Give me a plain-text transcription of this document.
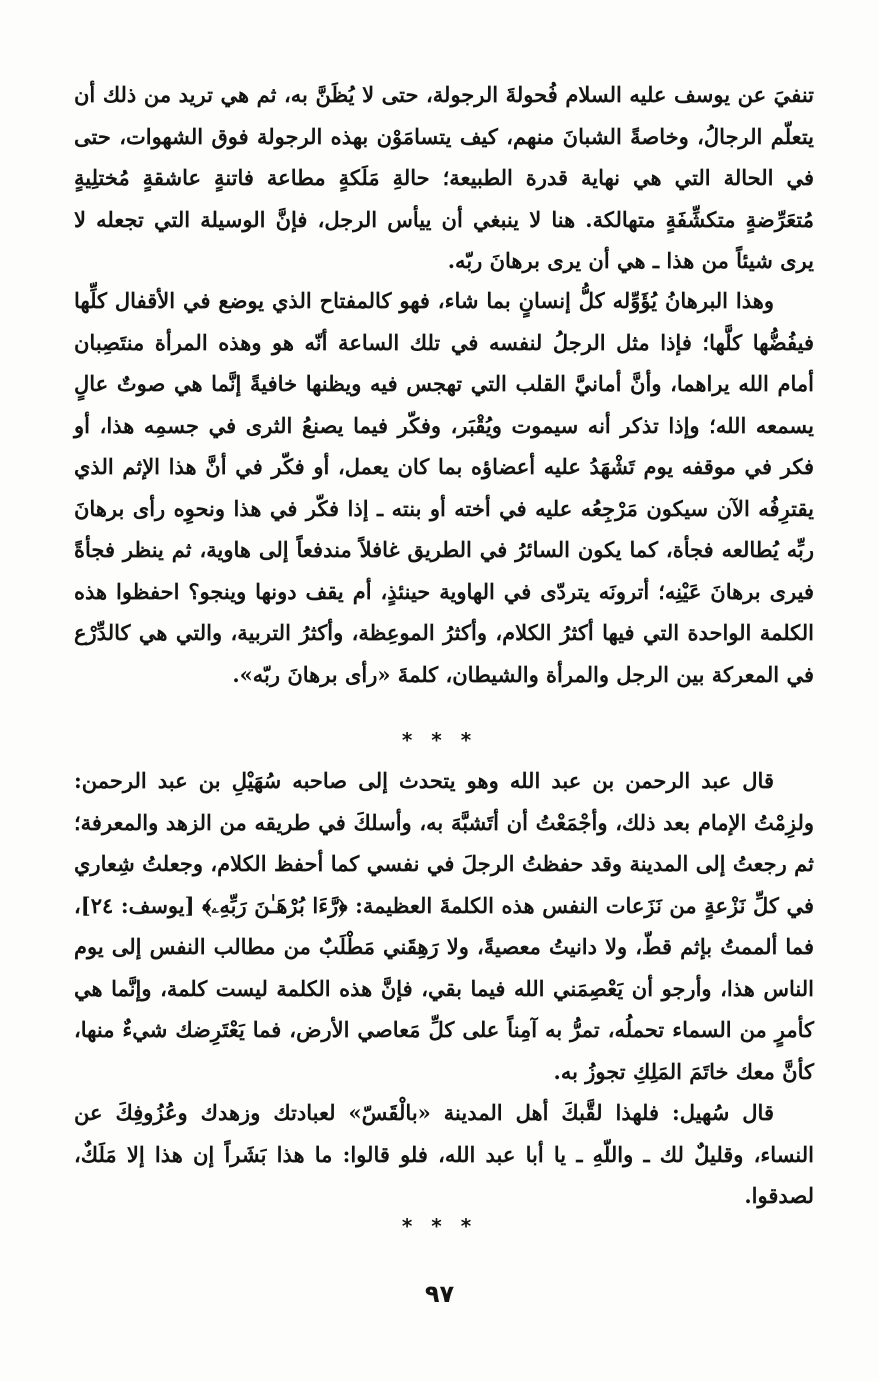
تنفيَ عن يوسف عليه السلام فُحولةَ الرجولة، حتى لا يُظَنَّ به، ثم هي تريد من ذلك أن يتعلّم الرجالُ، وخاصةً الشبانَ منهم، كيف يتسامَوْن بهذه الرجولة فوق الشهوات، حتى في الحالة التي هي نهاية قدرة الطبيعة؛ حالةِ مَلَكةٍ مطاعة فاتنةٍ عاشقةٍ مُختلِيةٍ مُتعَرِّضةٍ متكشِّفَةٍ متهالكة. هنا لا ينبغي أن ييأس الرجل، فإنَّ الوسيلة التي تجعله لا يرى شيئاً من هذا ـ هي أن يرى برهانَ ربّه.

وهذا البرهانُ يُؤَوِّله كلُّ إنسانٍ بما شاء، فهو كالمفتاح الذي يوضع في الأقفال كلِّها فيفُضُّها كلَّها؛ فإذا مثل الرجلُ لنفسه في تلك الساعة أنّه هو وهذه المرأة منتَصِبان أمام الله يراهما، وأنَّ أمانيَّ القلب التي تهجس فيه ويظنها خافيةً إنَّما هي صوتٌ عالٍ يسمعه الله؛ وإذا تذكر أنه سيموت ويُقْبَر، وفكّر فيما يصنعُ الثرى في جسمِه هذا، أو فكر في موقفه يوم تَشْهَدُ عليه أعضاؤه بما كان يعمل، أو فكّر في أنَّ هذا الإثم الذي يقترِفُه الآن سيكون مَرْجِعُه عليه في أخته أو بنته ـ إذا فكّر في هذا ونحوِه رأى برهانَ ربِّه يُطالعه فجأة، كما يكون السائرُ في الطريق غافلاً مندفعاً إلى هاوية، ثم ينظر فجأةً فيرى برهانَ عَيْنِه؛ أترونَه يتردّى في الهاوية حينئذٍ، أم يقف دونها وينجو؟ احفظوا هذه الكلمة الواحدة التي فيها أكثرُ الكلام، وأكثرُ الموعِظة، وأكثرُ التربية، والتي هي كالدِّرْع في المعركة بين الرجل والمرأة والشيطان، كلمةَ «رأى برهانَ ربّه».

* * *

قال عبد الرحمن بن عبد الله وهو يتحدث إلى صاحبه سُهَيْلِ بن عبد الرحمن: ولزِمْتُ الإمام بعد ذلك، وأجْمَعْتُ أن أتَشبَّهَ به، وأسلكَ في طريقه من الزهد والمعرفة؛ ثم رجعتُ إلى المدينة وقد حفظتُ الرجلَ في نفسي كما أحفظ الكلام، وجعلتُ شِعاري في كلِّ نَزْعةٍ من نَزَعات النفس هذه الكلمةَ العظيمة: ﴿رَّءَا بُرْهَـٰنَ رَبِّهِۦ﴾ [يوسف: ٢٤]، فما ألممتُ بإثم قطّ، ولا دانيتُ معصيةً، ولا رَهِقَني مَطْلَبٌ من مطالب النفس إلى يوم الناس هذا، وأرجو أن يَعْصِمَني الله فيما بقي، فإنَّ هذه الكلمة ليست كلمة، وإنَّما هي كأمرٍ من السماء تحملُه، تمرُّ به آمِناً على كلِّ مَعاصي الأرض، فما يَعْتَرِضك شيءٌ منها، كأنَّ معك خاتَمَ المَلِكِ تجوزُ به.

قال سُهيل: فلهذا لقَّبكَ أهل المدينة «بالْقَسّ» لعبادتك وزهدك وعُزُوفِكَ عن النساء، وقليلٌ لك ـ واللّهِ ـ يا أبا عبد الله، فلو قالوا: ما هذا بَشَراً إن هذا إلا مَلَكٌ، لصدقوا.

* * *
٩٧
